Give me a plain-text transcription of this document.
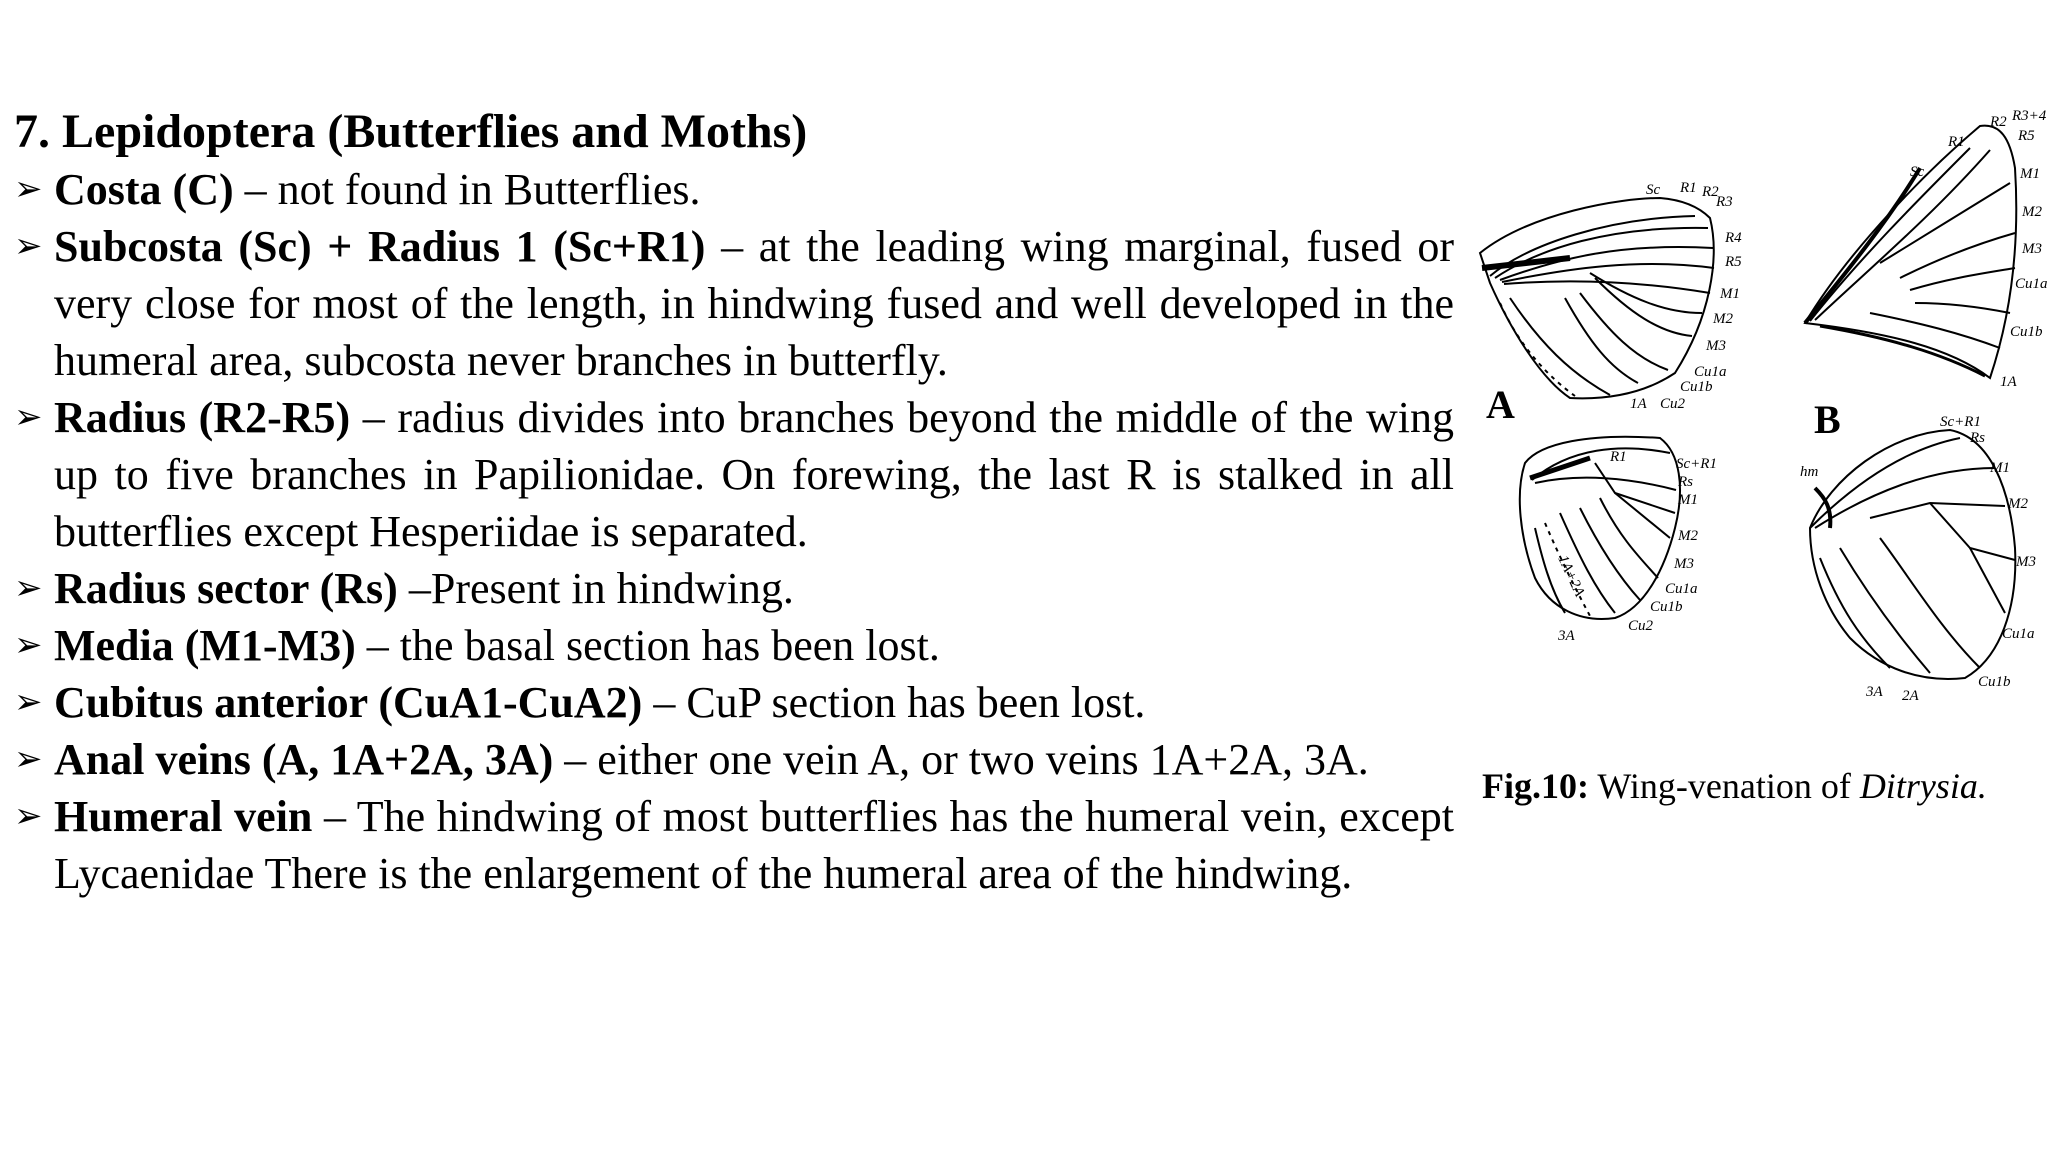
7. Lepidoptera (Butterflies and Moths)
➢ Costa (C) – not found in Butterflies.
➢ Subcosta (Sc) + Radius 1 (Sc+R1) – at the leading wing marginal, fused or very close for most of the length, in hindwing fused and well developed in the humeral area, subcosta never branches in butterfly.
➢ Radius (R2-R5) – radius divides into branches beyond the middle of the wing up to five branches in Papilionidae. On forewing, the last R is stalked in all butterflies except Hesperiidae is separated.
➢ Radius sector (Rs) –Present in hindwing.
➢ Media (M1-M3) – the basal section has been lost.
➢ Cubitus anterior (CuA1-CuA2) – CuP section has been lost.
➢ Anal veins (A, 1A+2A, 3A) – either one vein A, or two veins 1A+2A, 3A.
➢ Humeral vein – The hindwing of most butterflies has the humeral vein, except Lycaenidae There is the enlargement of the humeral area of the hindwing.
Sc R1 R2
R3
R4
R5
M1
M2
M3
Cu1a
Cu1b
Cu2
1A
R1	Sc+R1
Rs
M1
M2
M3
Cu1a
Cu1b
Cu2
1A+2A
3A
A	B
Sc
R1
R2 R3+4
R5
M1
M2
M3
Cu1a
Cu1b
1A
Sc+R1
Rs
hm	M1
M2
M3
Cu1a
Cu1b
3A 2A
Fig.10: Wing-venation of Ditrysia.
